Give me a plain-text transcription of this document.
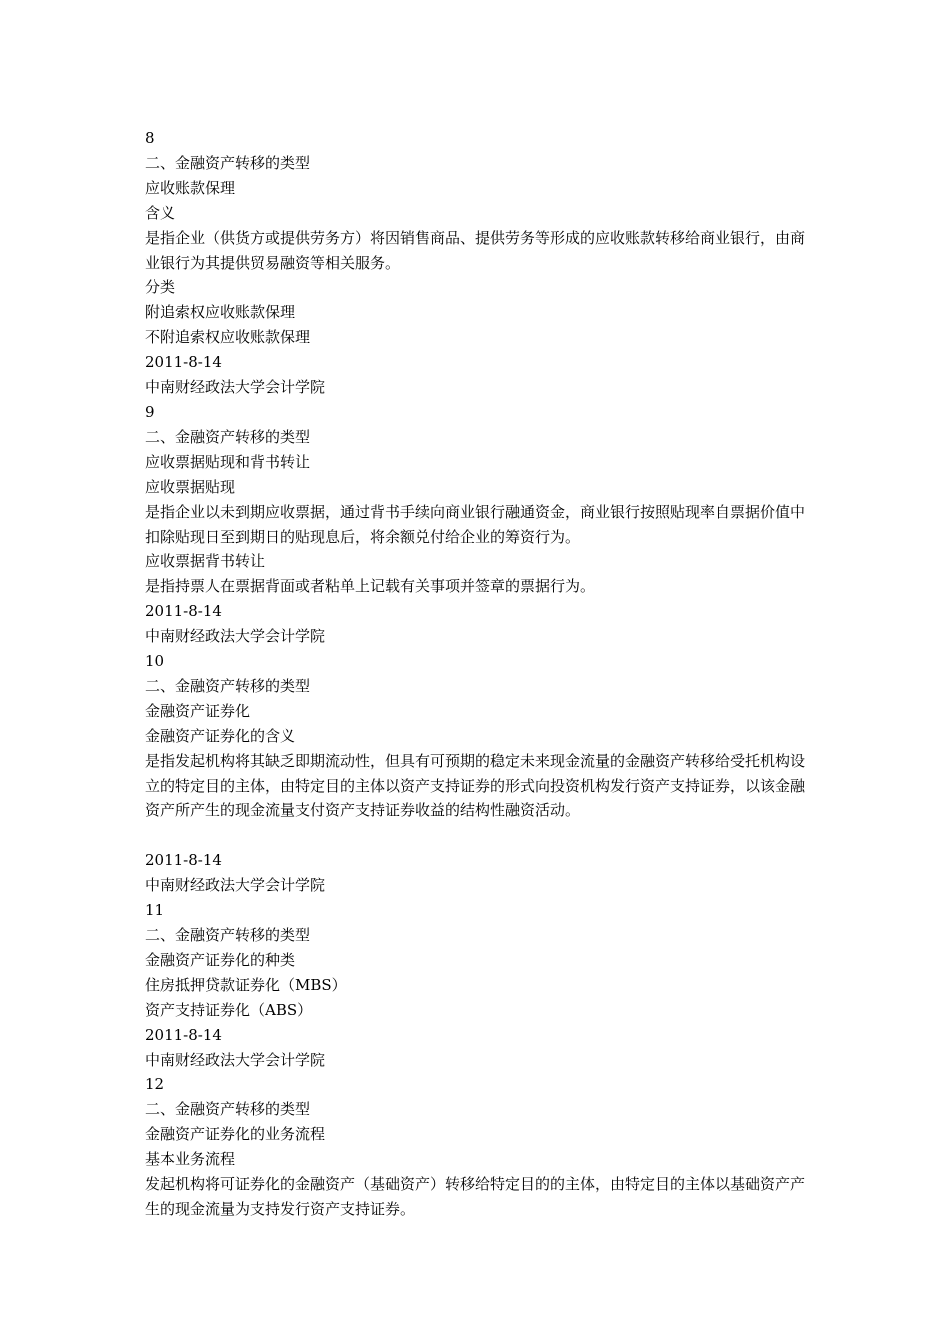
8
二、金融资产转移的类型
应收账款保理
含义
是指企业（供货方或提供劳务方）将因销售商品、提供劳务等形成的应收账款转移给商业银行，由商业银行为其提供贸易融资等相关服务。
分类
附追索权应收账款保理
不附追索权应收账款保理
2011-8-14
中南财经政法大学会计学院
9
二、金融资产转移的类型
应收票据贴现和背书转让
应收票据贴现
是指企业以未到期应收票据，通过背书手续向商业银行融通资金，商业银行按照贴现率自票据价值中扣除贴现日至到期日的贴现息后，将余额兑付给企业的筹资行为。
应收票据背书转让
是指持票人在票据背面或者粘单上记载有关事项并签章的票据行为。
2011-8-14
中南财经政法大学会计学院
10
二、金融资产转移的类型
金融资产证券化
金融资产证券化的含义
是指发起机构将其缺乏即期流动性，但具有可预期的稳定未来现金流量的金融资产转移给受托机构设立的特定目的主体，由特定目的主体以资产支持证券的形式向投资机构发行资产支持证券，以该金融资产所产生的现金流量支付资产支持证券收益的结构性融资活动。
2011-8-14
中南财经政法大学会计学院
11
二、金融资产转移的类型
金融资产证券化的种类
住房抵押贷款证券化（MBS）
资产支持证券化（ABS）
2011-8-14
中南财经政法大学会计学院
12
二、金融资产转移的类型
金融资产证券化的业务流程
基本业务流程
发起机构将可证券化的金融资产（基础资产）转移给特定目的的主体，由特定目的主体以基础资产产生的现金流量为支持发行资产支持证券。
